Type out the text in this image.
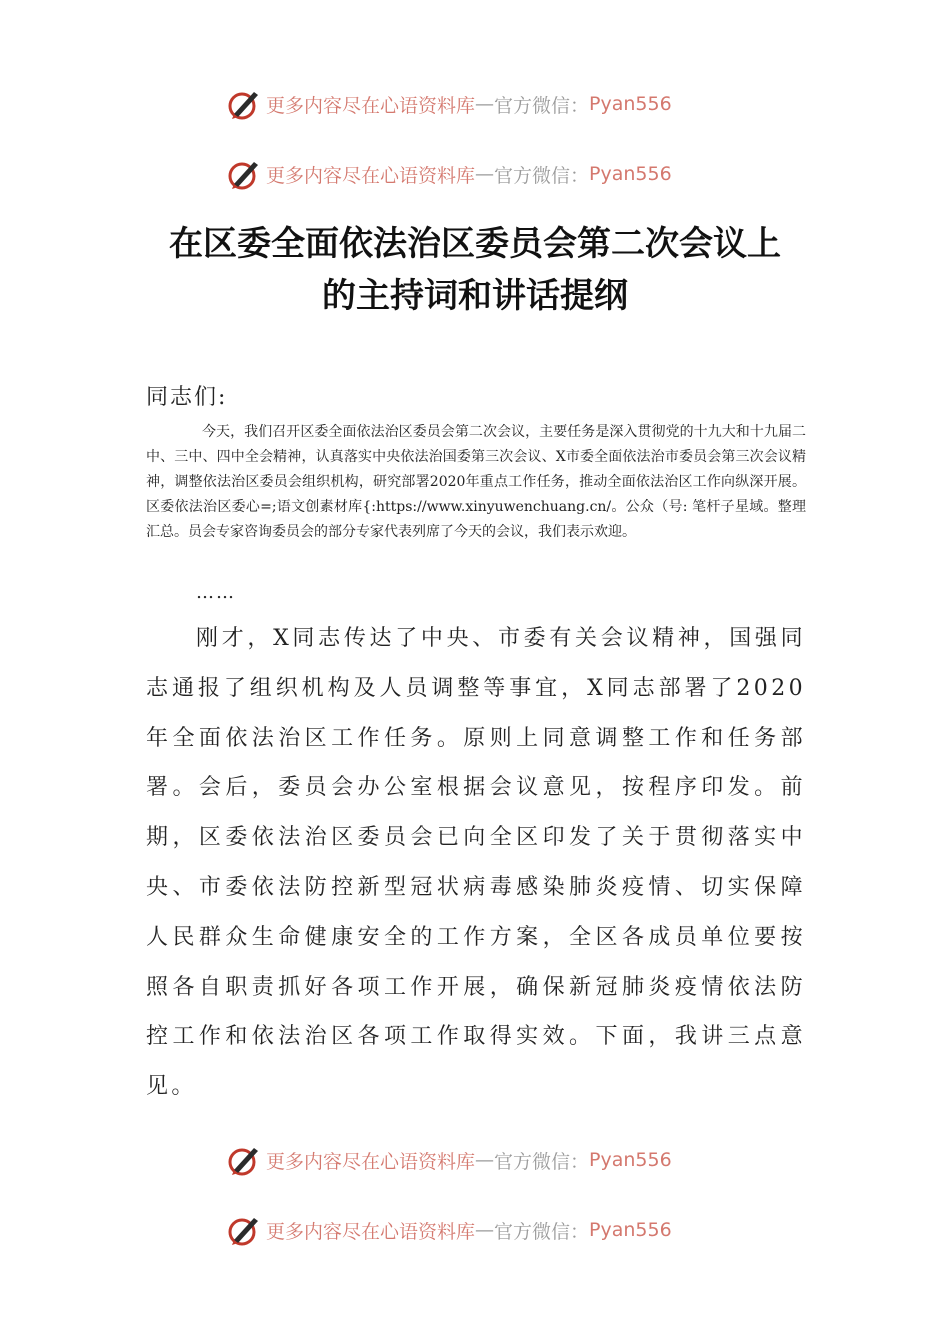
更多内容尽在心语资料库 — 官方微信： Pyan556
更多内容尽在心语资料库 — 官方微信： Pyan556
在区委全面依法治区委员会第二次会议上
的主持词和讲话提纲
同志们:

今天，我们召开区委全面依法治区委员会第二次会议，主要任务是深入贯彻党的十九大和十九届二中、三中、四中全会精神，认真落实中央依法治国委第三次会议、X市委全面依法治市委员会第三次会议精神，调整依法治区委员会组织机构，研究部署2020年重点工作任务，推动全面依法治区工作向纵深开展。区委依法治区委心=;语文创素材库{:https://www.xinyuwenchuang.cn/。公众（号: 笔杆子星域。整理汇总。员会专家咨询委员会的部分专家代表列席了今天的会议，我们表示欢迎。

……

刚才，X同志传达了中央、市委有关会议精神，国强同志通报了组织机构及人员调整等事宜，X同志部署了2020年全面依法治区工作任务。原则上同意调整工作和任务部署。会后，委员会办公室根据会议意见，按程序印发。前期，区委依法治区委员会已向全区印发了关于贯彻落实中央、市委依法防控新型冠状病毒感染肺炎疫情、切实保障人民群众生命健康安全的工作方案，全区各成员单位要按照各自职责抓好各项工作开展，确保新冠肺炎疫情依法防控工作和依法治区各项工作取得实效。下面，我讲三点意见。

更多内容尽在心语资料库 — 官方微信： Pyan556
更多内容尽在心语资料库 — 官方微信： Pyan556
